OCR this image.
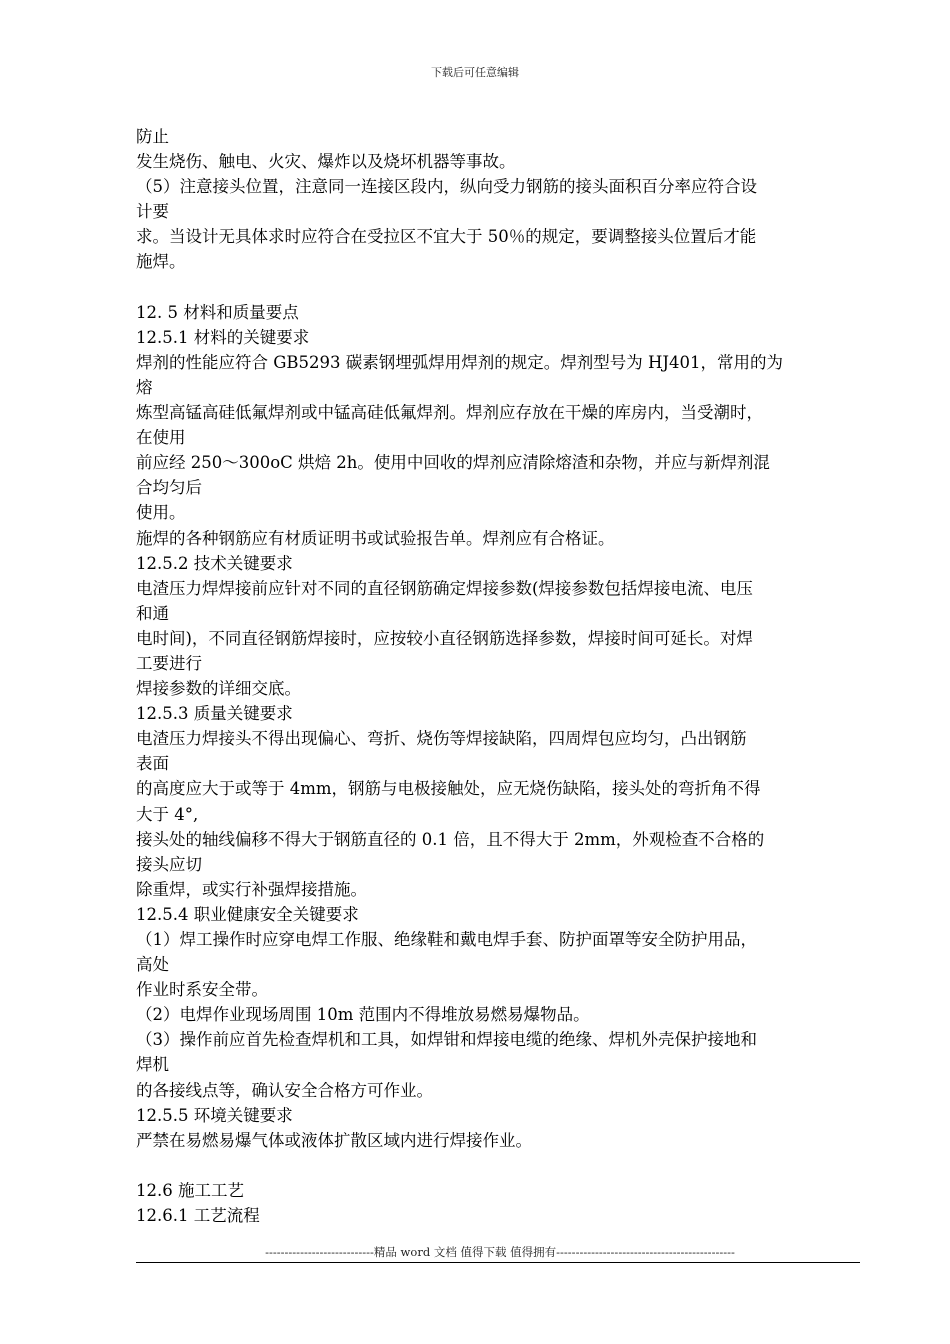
下载后可任意编辑
防止
发生烧伤、触电、火灾、爆炸以及烧坏机器等事故。
（5）注意接头位置，注意同一连接区段内，纵向受力钢筋的接头面积百分率应符合设
计要
求。当设计无具体求时应符合在受拉区不宜大于 50％的规定，要调整接头位置后才能
施焊。
12. 5 材料和质量要点
12.5.1 材料的关键要求
焊剂的性能应符合 GB5293 碳素钢埋弧焊用焊剂的规定。焊剂型号为 HJ401，常用的为
熔
炼型高锰高硅低氟焊剂或中锰高硅低氟焊剂。焊剂应存放在干燥的库房内，当受潮时，
在使用
前应经 250～300oC 烘焙 2h。使用中回收的焊剂应清除熔渣和杂物，并应与新焊剂混
合均匀后
使用。
施焊的各种钢筋应有材质证明书或试验报告单。焊剂应有合格证。
12.5.2 技术关键要求
电渣压力焊焊接前应针对不同的直径钢筋确定焊接参数(焊接参数包括焊接电流、电压
和通
电时间)，不同直径钢筋焊接时，应按较小直径钢筋选择参数，焊接时间可延长。对焊
工要进行
焊接参数的详细交底。
12.5.3 质量关键要求
电渣压力焊接头不得出现偏心、弯折、烧伤等焊接缺陷，四周焊包应均匀，凸出钢筋
表面
的高度应大于或等于 4mm，钢筋与电极接触处，应无烧伤缺陷，接头处的弯折角不得
大于 4°,
接头处的轴线偏移不得大于钢筋直径的 0.1 倍，且不得大于 2mm，外观检查不合格的
接头应切
除重焊，或实行补强焊接措施。
12.5.4 职业健康安全关键要求
（1）焊工操作时应穿电焊工作服、绝缘鞋和戴电焊手套、防护面罩等安全防护用品，
高处
作业时系安全带。
（2）电焊作业现场周围 10m 范围内不得堆放易燃易爆物品。
（3）操作前应首先检查焊机和工具，如焊钳和焊接电缆的绝缘、焊机外壳保护接地和
焊机
的各接线点等，确认安全合格方可作业。
12.5.5 环境关键要求
严禁在易燃易爆气体或液体扩散区域内进行焊接作业。
12.6 施工工艺
12.6.1 工艺流程
----------------------------精品 word 文档 值得下载 值得拥有----------------------------------------------
